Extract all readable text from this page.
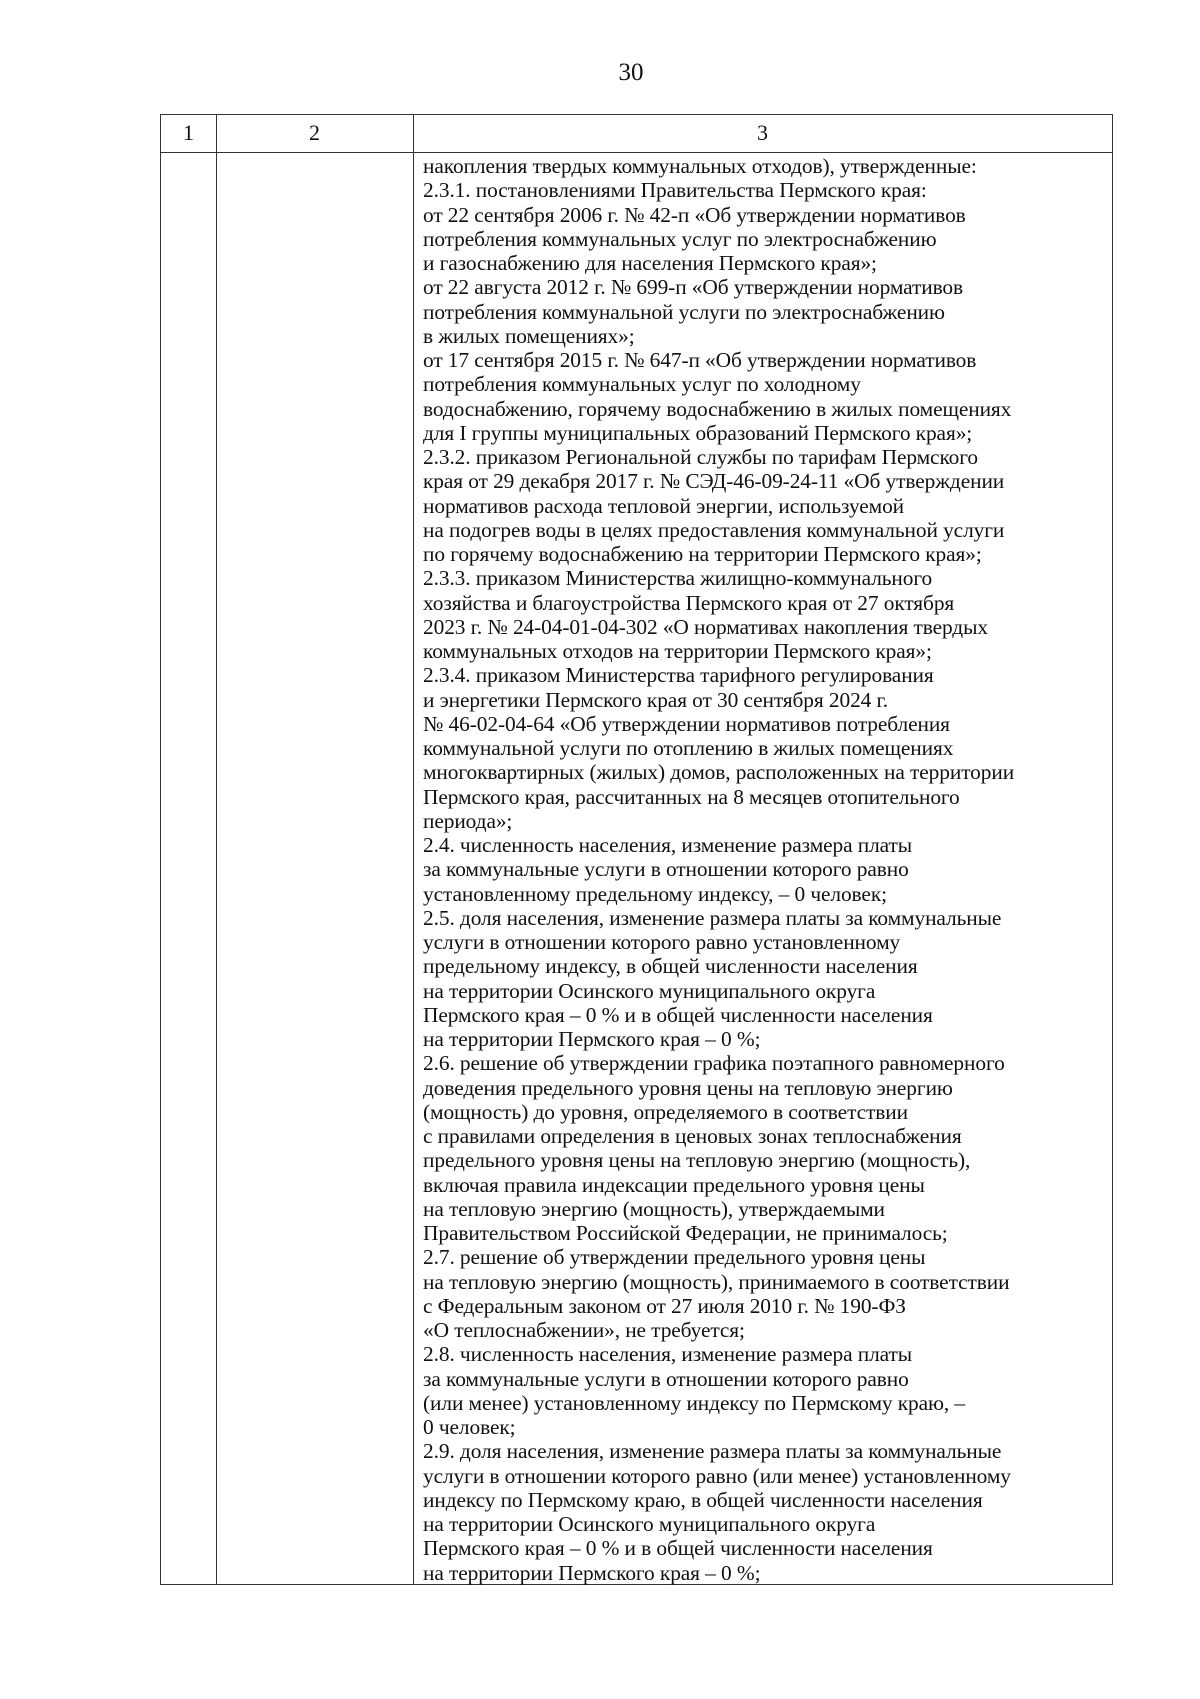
30
1	2	3
накопления твердых коммунальных отходов), утвержденные:
2.3.1. постановлениями Правительства Пермского края:
от 22 сентября 2006 г. № 42-п «Об утверждении нормативов
потребления коммунальных услуг по электроснабжению
и газоснабжению для населения Пермского края»;
от 22 августа 2012 г. № 699-п «Об утверждении нормативов
потребления коммунальной услуги по электроснабжению
в жилых помещениях»;
от 17 сентября 2015 г. № 647-п «Об утверждении нормативов
потребления коммунальных услуг по холодному
водоснабжению, горячему водоснабжению в жилых помещениях
для I группы муниципальных образований Пермского края»;
2.3.2. приказом Региональной службы по тарифам Пермского
края от 29 декабря 2017 г. № СЭД-46-09-24-11 «Об утверждении
нормативов расхода тепловой энергии, используемой
на подогрев воды в целях предоставления коммунальной услуги
по горячему водоснабжению на территории Пермского края»;
2.3.3. приказом Министерства жилищно-коммунального
хозяйства и благоустройства Пермского края от 27 октября
2023 г. № 24-04-01-04-302 «О нормативах накопления твердых
коммунальных отходов на территории Пермского края»;
2.3.4. приказом Министерства тарифного регулирования
и энергетики Пермского края от 30 сентября 2024 г.
№ 46-02-04-64 «Об утверждении нормативов потребления
коммунальной услуги по отоплению в жилых помещениях
многоквартирных (жилых) домов, расположенных на территории
Пермского края, рассчитанных на 8 месяцев отопительного
периода»;
2.4. численность населения, изменение размера платы
за коммунальные услуги в отношении которого равно
установленному предельному индексу, – 0 человек;
2.5. доля населения, изменение размера платы за коммунальные
услуги в отношении которого равно установленному
предельному индексу, в общей численности населения
на территории Осинского муниципального округа
Пермского края – 0 % и в общей численности населения
на территории Пермского края – 0 %;
2.6. решение об утверждении графика поэтапного равномерного
доведения предельного уровня цены на тепловую энергию
(мощность) до уровня, определяемого в соответствии
с правилами определения в ценовых зонах теплоснабжения
предельного уровня цены на тепловую энергию (мощность),
включая правила индексации предельного уровня цены
на тепловую энергию (мощность), утверждаемыми
Правительством Российской Федерации, не принималось;
2.7. решение об утверждении предельного уровня цены
на тепловую энергию (мощность), принимаемого в соответствии
с Федеральным законом от 27 июля 2010 г. № 190-ФЗ
«О теплоснабжении», не требуется;
2.8. численность населения, изменение размера платы
за коммунальные услуги в отношении которого равно
(или менее) установленному индексу по Пермскому краю, –
0 человек;
2.9. доля населения, изменение размера платы за коммунальные
услуги в отношении которого равно (или менее) установленному
индексу по Пермскому краю, в общей численности населения
на территории Осинского муниципального округа
Пермского края – 0 % и в общей численности населения
на территории Пермского края – 0 %;
